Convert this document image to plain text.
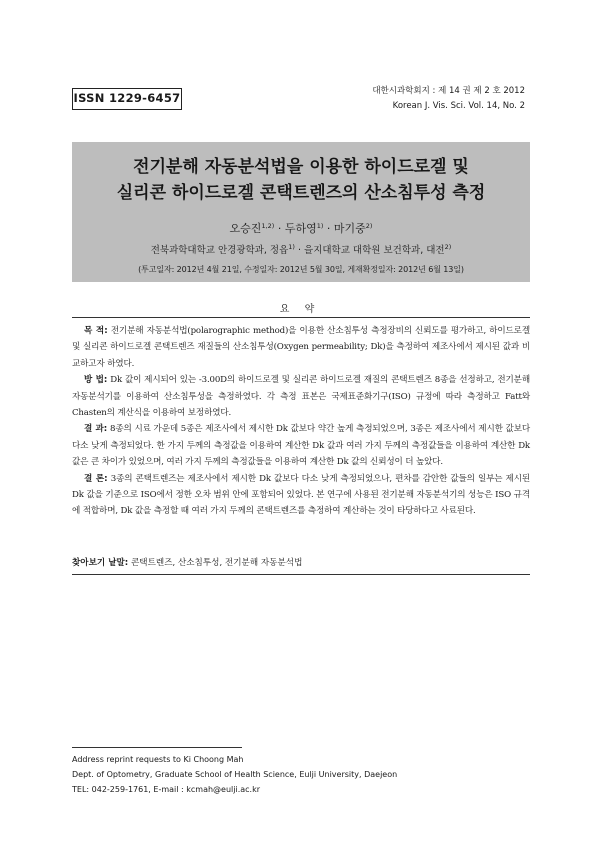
ISSN 1229-6457	대한시과학회지 : 제 14 권 제 2 호 2012
Korean J. Vis. Sci. Vol. 14, No. 2
전기분해 자동분석법을 이용한 하이드로겔 및
실리콘 하이드로겔 콘택트렌즈의 산소침투성 측정
오승진$^{1,2)}$ · 두하영$^{1)}$ · 마기중$^{2)}$
전북과학대학교 안경광학과, 정읍$^{1)}$ · 을지대학교 대학원 보건학과, 대전$^{2)}$
(투고일자: 2012년 4월 21일, 수정일자: 2012년 5월 30일, 게재확정일자: 2012년 6월 13일)
요 약

목 적: 전기분해 자동분석법(polarographic method)을 이용한 산소침투성 측정장비의 신뢰도를 평가하고, 하이드로겔 및 실리콘 하이드로겔 콘택트렌즈 재질들의 산소침투성(Oxygen permeability; Dk)을 측정하여 제조사에서 제시된 값과 비교하고자 하였다.

방 법: Dk 값이 제시되어 있는 -3.00D의 하이드로겔 및 실리콘 하이드로겔 재질의 콘택트렌즈 8종을 선정하고, 전기분해 자동분석기를 이용하여 산소침투성을 측정하였다. 각 측정 표본은 국제표준화기구(ISO) 규정에 따라 측정하고 Fatt와 Chasten의 계산식을 이용하여 보정하였다.

결 과: 8종의 시료 가운데 5종은 제조사에서 제시한 Dk 값보다 약간 높게 측정되었으며, 3종은 제조사에서 제시한 값보다 다소 낮게 측정되었다. 한 가지 두께의 측정값을 이용하여 계산한 Dk 값과 여러 가지 두께의 측정값들을 이용하여 계산한 Dk 값은 큰 차이가 있었으며, 여러 가지 두께의 측정값들을 이용하여 계산한 Dk 값의 신뢰성이 더 높았다.

결 론: 3종의 콘택트렌즈는 제조사에서 제시한 Dk 값보다 다소 낮게 측정되었으나, 편차를 감안한 값들의 일부는 제시된 Dk 값을 기준으로 ISO에서 정한 오차 범위 안에 포함되어 있었다. 본 연구에 사용된 전기분해 자동분석기의 성능은 ISO 규격에 적합하며, Dk 값을 측정할 때 여러 가지 두께의 콘택트렌즈를 측정하여 계산하는 것이 타당하다고 사료된다.

찾아보기 낱말: 콘택트렌즈, 산소침투성, 전기분해 자동분석법
Address reprint requests to Ki Choong Mah
Dept. of Optometry, Graduate School of Health Science, Eulji University, Daejeon
TEL: 042-259-1761, E-mail : kcmah@eulji.ac.kr
